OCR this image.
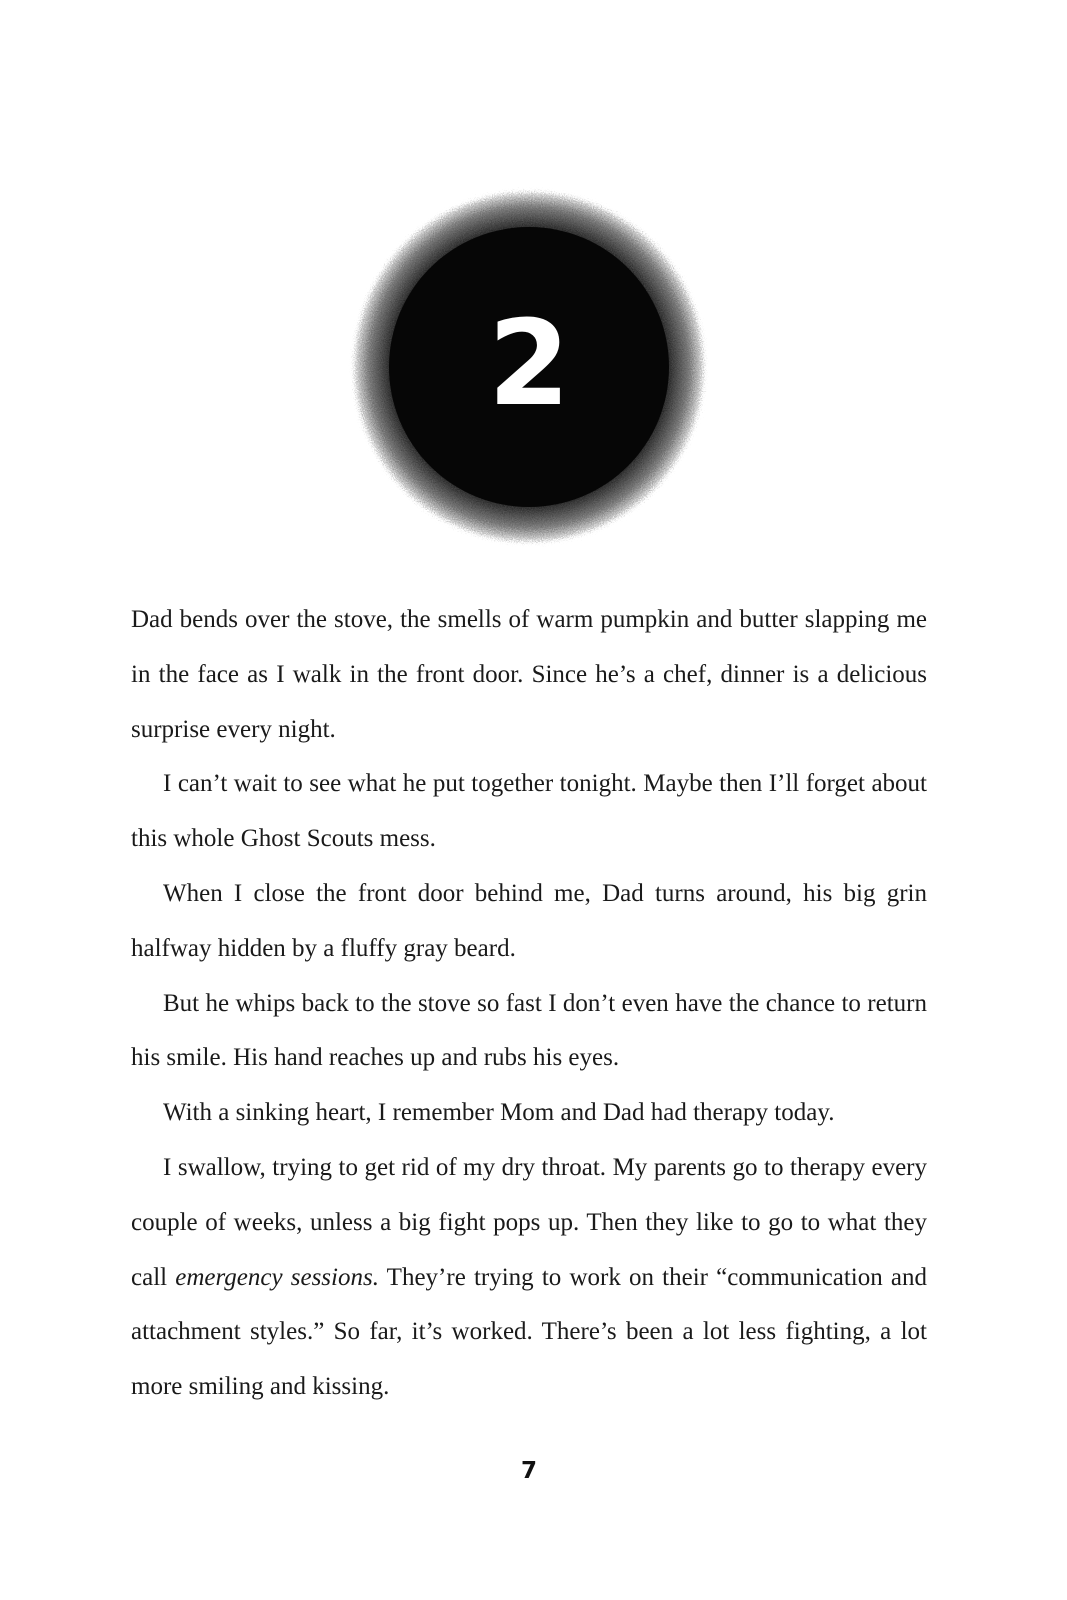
2

Dad bends over the stove, the smells of warm pumpkin and butter slapping me in the face as I walk in the front door. Since he’s a chef, dinner is a delicious surprise every night.

I can’t wait to see what he put together tonight. Maybe then I’ll forget about this whole Ghost Scouts mess.

When I close the front door behind me, Dad turns around, his big grin halfway hidden by a fluffy gray beard.

But he whips back to the stove so fast I don’t even have the chance to return his smile. His hand reaches up and rubs his eyes.

With a sinking heart, I remember Mom and Dad had therapy today.

I swallow, trying to get rid of my dry throat. My parents go to therapy every couple of weeks, unless a big fight pops up. Then they like to go to what they call emergency sessions. They’re trying to work on their “communication and attachment styles.” So far, it’s worked. There’s been a lot less fighting, a lot more smiling and kissing.

7
